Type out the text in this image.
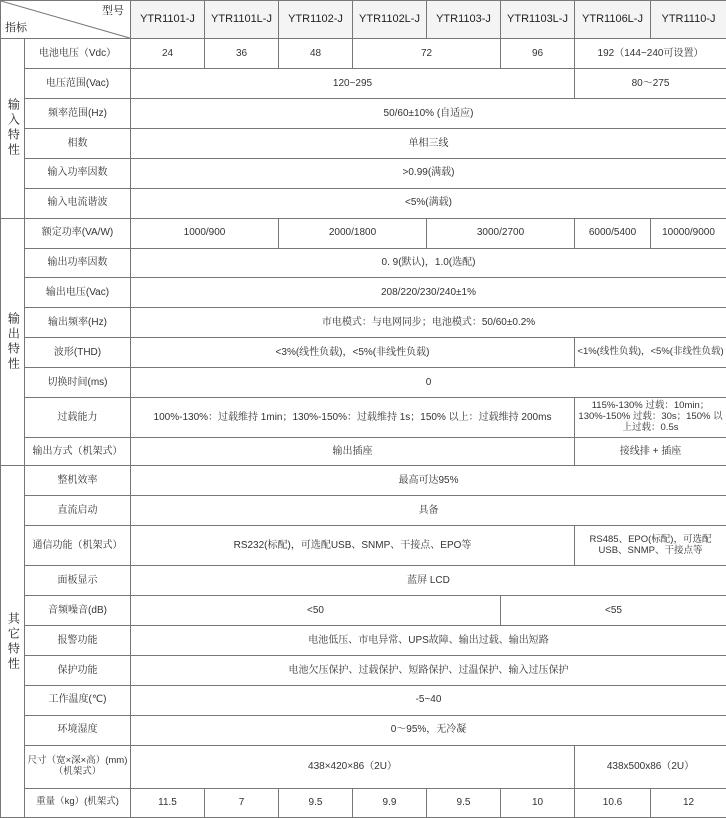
型号
指标		YTR1101-J	YTR1101L-J	YTR1102-J	YTR1102L-J	YTR1103-J	YTR1103L-J	YTR1106L-J	YTR1110-J
输入特性	电池电压（Vdc）	24	36	48	72		96	192（144~240可设置）	
	电压范围(Vac)	120~295						80～275	
	频率范围(Hz)	50/60±10% (自适应)							
	相数	单相三线							
	输入功率因数	>0.99(满载)							
	输入电流谐波	<5%(满载)							
输出特性	额定功率(VA/W)	1000/900		2000/1800		3000/2700		6000/5400	10000/9000
	输出功率因数	0. 9(默认)，1.0(选配)							
	输出电压(Vac)	208/220/230/240±1%							
	输出频率(Hz)	市电模式：与电网同步；电池模式：50/60±0.2%							
	波形(THD)	<3%(线性负载)，<5%(非线性负载)						<1%(线性负载)，<5%(非线性负载)	
	切换时间(ms)	0							
	过载能力	100%-130%：过载维持 1min；130%-150%：过载维持 1s；150% 以上：过载维持 200ms						115%-130% 过载：10min；130%-150% 过载：30s；150% 以上过载：0.5s	
	输出方式（机架式）	输出插座						接线排 + 插座	
其它特性	整机效率	最高可达95%							
	直流启动	具备							
	通信功能（机架式）	RS232(标配)，可选配USB、SNMP、干接点、EPO等						RS485、EPO(标配)，可选配USB、SNMP、干接点等	
	面板显示	蓝屏 LCD							
	音频噪音(dB)	<50					<55		
	报警功能	电池低压、市电异常、UPS故障、输出过载、输出短路							
	保护功能	电池欠压保护、过载保护、短路保护、过温保护、输入过压保护							
	工作温度(℃)	-5~40							
	环境湿度	0～95%，无冷凝							
	尺寸（宽×深×高）(mm)（机架式）	438×420×86（2U）						438x500x86（2U）	
	重量（kg）(机架式)	11.5	7	9.5	9.9	9.5	10	10.6	12
